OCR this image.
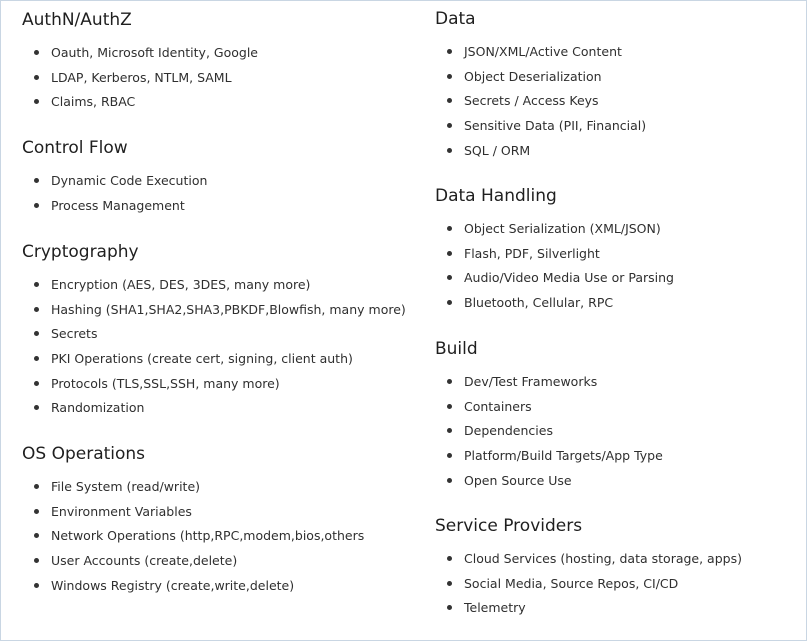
AuthN/AuthZ
Oauth, Microsoft Identity, Google
LDAP, Kerberos, NTLM, SAML
Claims, RBAC
Control Flow
Dynamic Code Execution
Process Management
Cryptography
Encryption (AES, DES, 3DES, many more)
Hashing (SHA1,SHA2,SHA3,PBKDF,Blowfish, many more)
Secrets
PKI Operations (create cert, signing, client auth)
Protocols (TLS,SSL,SSH, many more)
Randomization
OS Operations
File System (read/write)
Environment Variables
Network Operations (http,RPC,modem,bios,others
User Accounts (create,delete)
Windows Registry (create,write,delete)
Data
JSON/XML/Active Content
Object Deserialization
Secrets / Access Keys
Sensitive Data (PII, Financial)
SQL / ORM
Data Handling
Object Serialization (XML/JSON)
Flash, PDF, Silverlight
Audio/Video Media Use or Parsing
Bluetooth, Cellular, RPC
Build
Dev/Test Frameworks
Containers
Dependencies
Platform/Build Targets/App Type
Open Source Use
Service Providers
Cloud Services (hosting, data storage, apps)
Social Media, Source Repos, CI/CD
Telemetry
